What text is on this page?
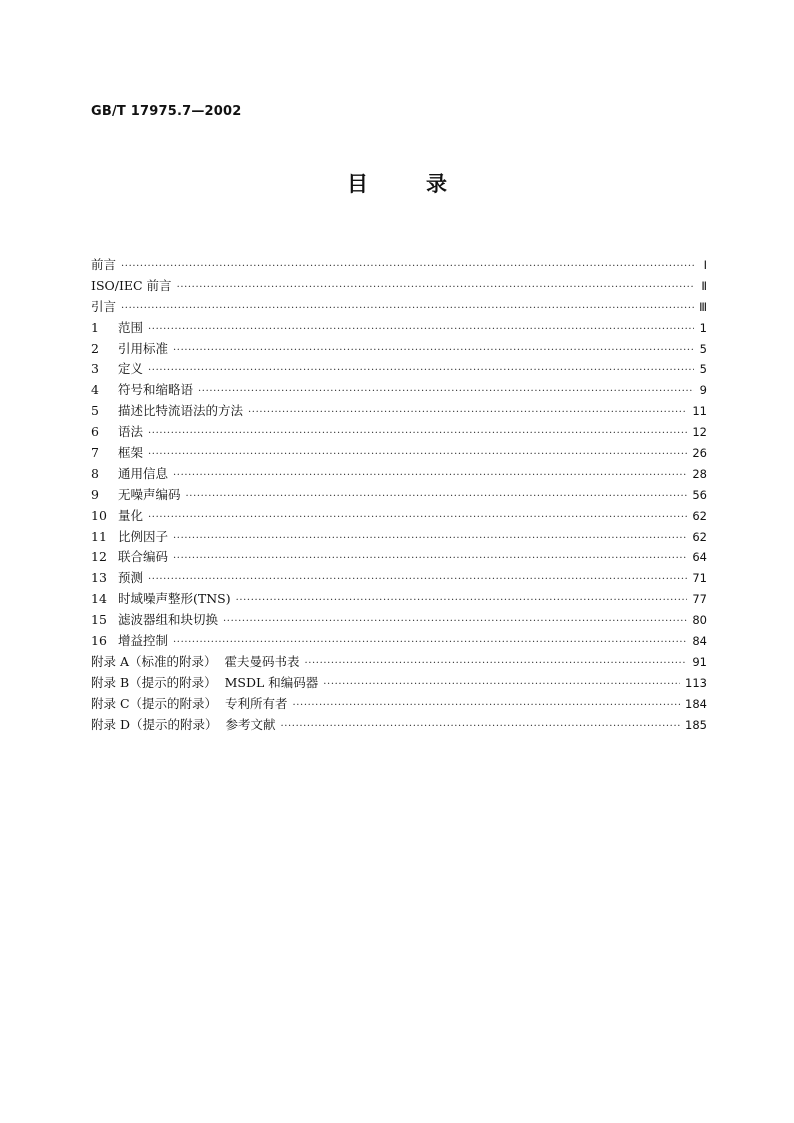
GB/T 17975.7—2002
目	录
前言 ·····	Ⅰ
ISO/IEC 前言 ·····	Ⅱ
引言 ·····	Ⅲ
1 范围 ·····	1
2 引用标准 ·····	5
3 定义 ·····	5
4 符号和缩略语 ·····	9
5 描述比特流语法的方法 ·····	11
6 语法 ·····	12
7 框架 ·····	26
8 通用信息 ·····	28
9 无噪声编码 ·····	56
10 量化 ·····	62
11 比例因子 ·····	62
12 联合编码 ·····	64
13 预测 ·····	71
14 时域噪声整形(TNS) ·····	77
15 滤波器组和块切换 ·····	80
16 增益控制 ·····	84
附录 A（标准的附录）  霍夫曼码书表 ·····	91
附录 B（提示的附录）  MSDL 和编码器 ·····	113
附录 C（提示的附录）  专利所有者 ·····	184
附录 D（提示的附录）  参考文献 ·····	185
